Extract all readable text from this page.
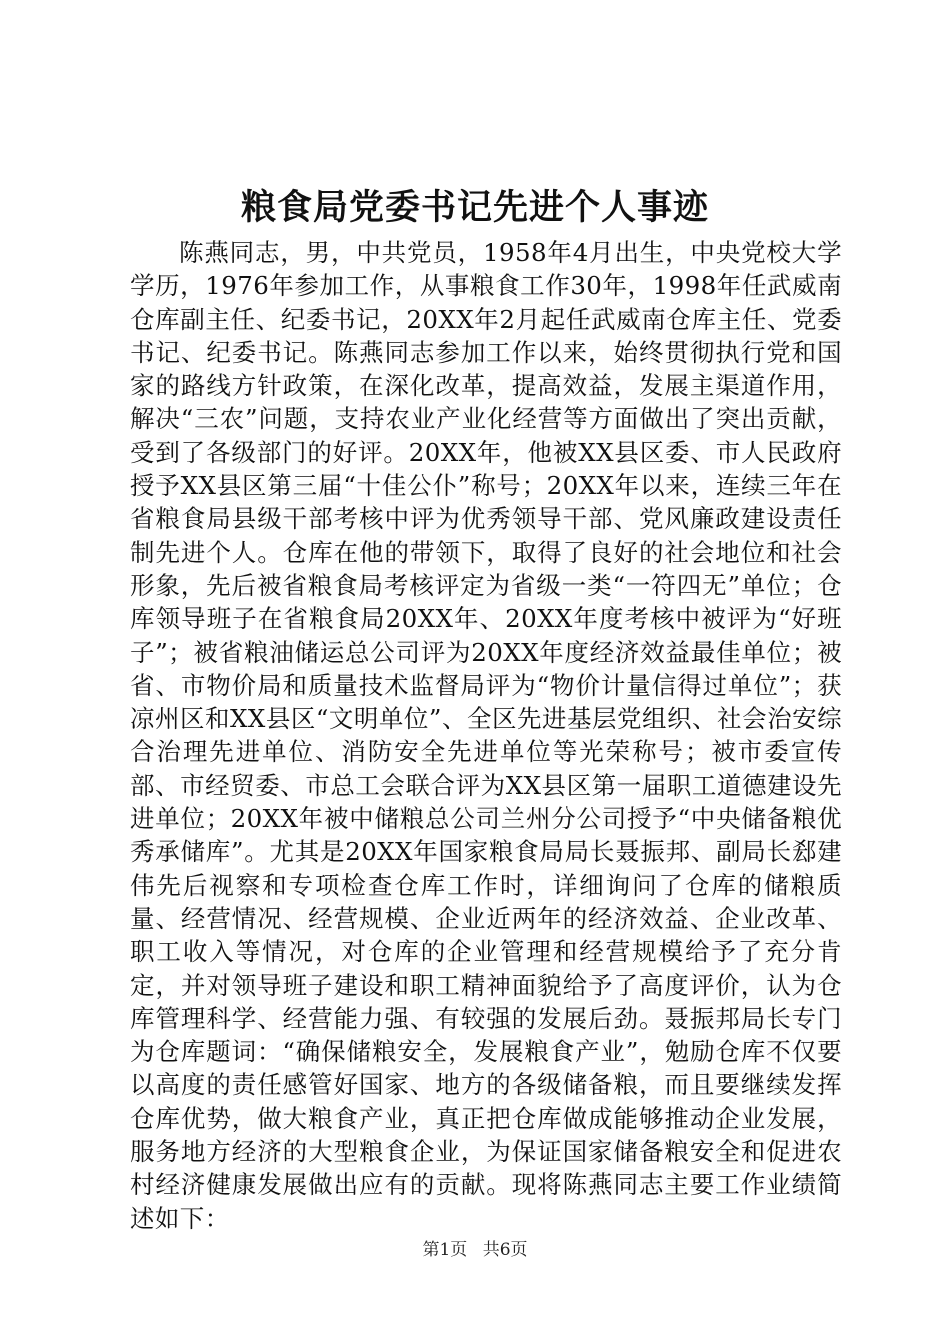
粮食局党委书记先进个人事迹

陈燕同志，男，中共党员，1958年4月出生，中央党校大学学历，1976年参加工作，从事粮食工作30年，1998年任武威南仓库副主任、纪委书记，20XX年2月起任武威南仓库主任、党委书记、纪委书记。陈燕同志参加工作以来，始终贯彻执行党和国家的路线方针政策，在深化改革，提高效益，发展主渠道作用，解决“三农”问题，支持农业产业化经营等方面做出了突出贡献，受到了各级部门的好评。20XX年，他被XX县区委、市人民政府授予XX县区第三届“十佳公仆”称号；20XX年以来，连续三年在省粮食局县级干部考核中评为优秀领导干部、党风廉政建设责任制先进个人。仓库在他的带领下，取得了良好的社会地位和社会形象，先后被省粮食局考核评定为省级一类“一符四无”单位；仓库领导班子在省粮食局20XX年、20XX年度考核中被评为“好班子”；被省粮油储运总公司评为20XX年度经济效益最佳单位；被省、市物价局和质量技术监督局评为“物价计量信得过单位”；获凉州区和XX县区“文明单位”、全区先进基层党组织、社会治安综合治理先进单位、消防安全先进单位等光荣称号；被市委宣传部、市经贸委、市总工会联合评为XX县区第一届职工道德建设先进单位；20XX年被中储粮总公司兰州分公司授予“中央储备粮优秀承储库”。尤其是20XX年国家粮食局局长聂振邦、副局长郄建伟先后视察和专项检查仓库工作时，详细询问了仓库的储粮质量、经营情况、经营规模、企业近两年的经济效益、企业改革、职工收入等情况，对仓库的企业管理和经营规模给予了充分肯定，并对领导班子建设和职工精神面貌给予了高度评价，认为仓库管理科学、经营能力强、有较强的发展后劲。聂振邦局长专门为仓库题词：“确保储粮安全，发展粮食产业”，勉励仓库不仅要以高度的责任感管好国家、地方的各级储备粮，而且要继续发挥仓库优势，做大粮食产业，真正把仓库做成能够推动企业发展，服务地方经济的大型粮食企业，为保证国家储备粮安全和促进农村经济健康发展做出应有的贡献。现将陈燕同志主要工作业绩简述如下：

第1页 共6页
